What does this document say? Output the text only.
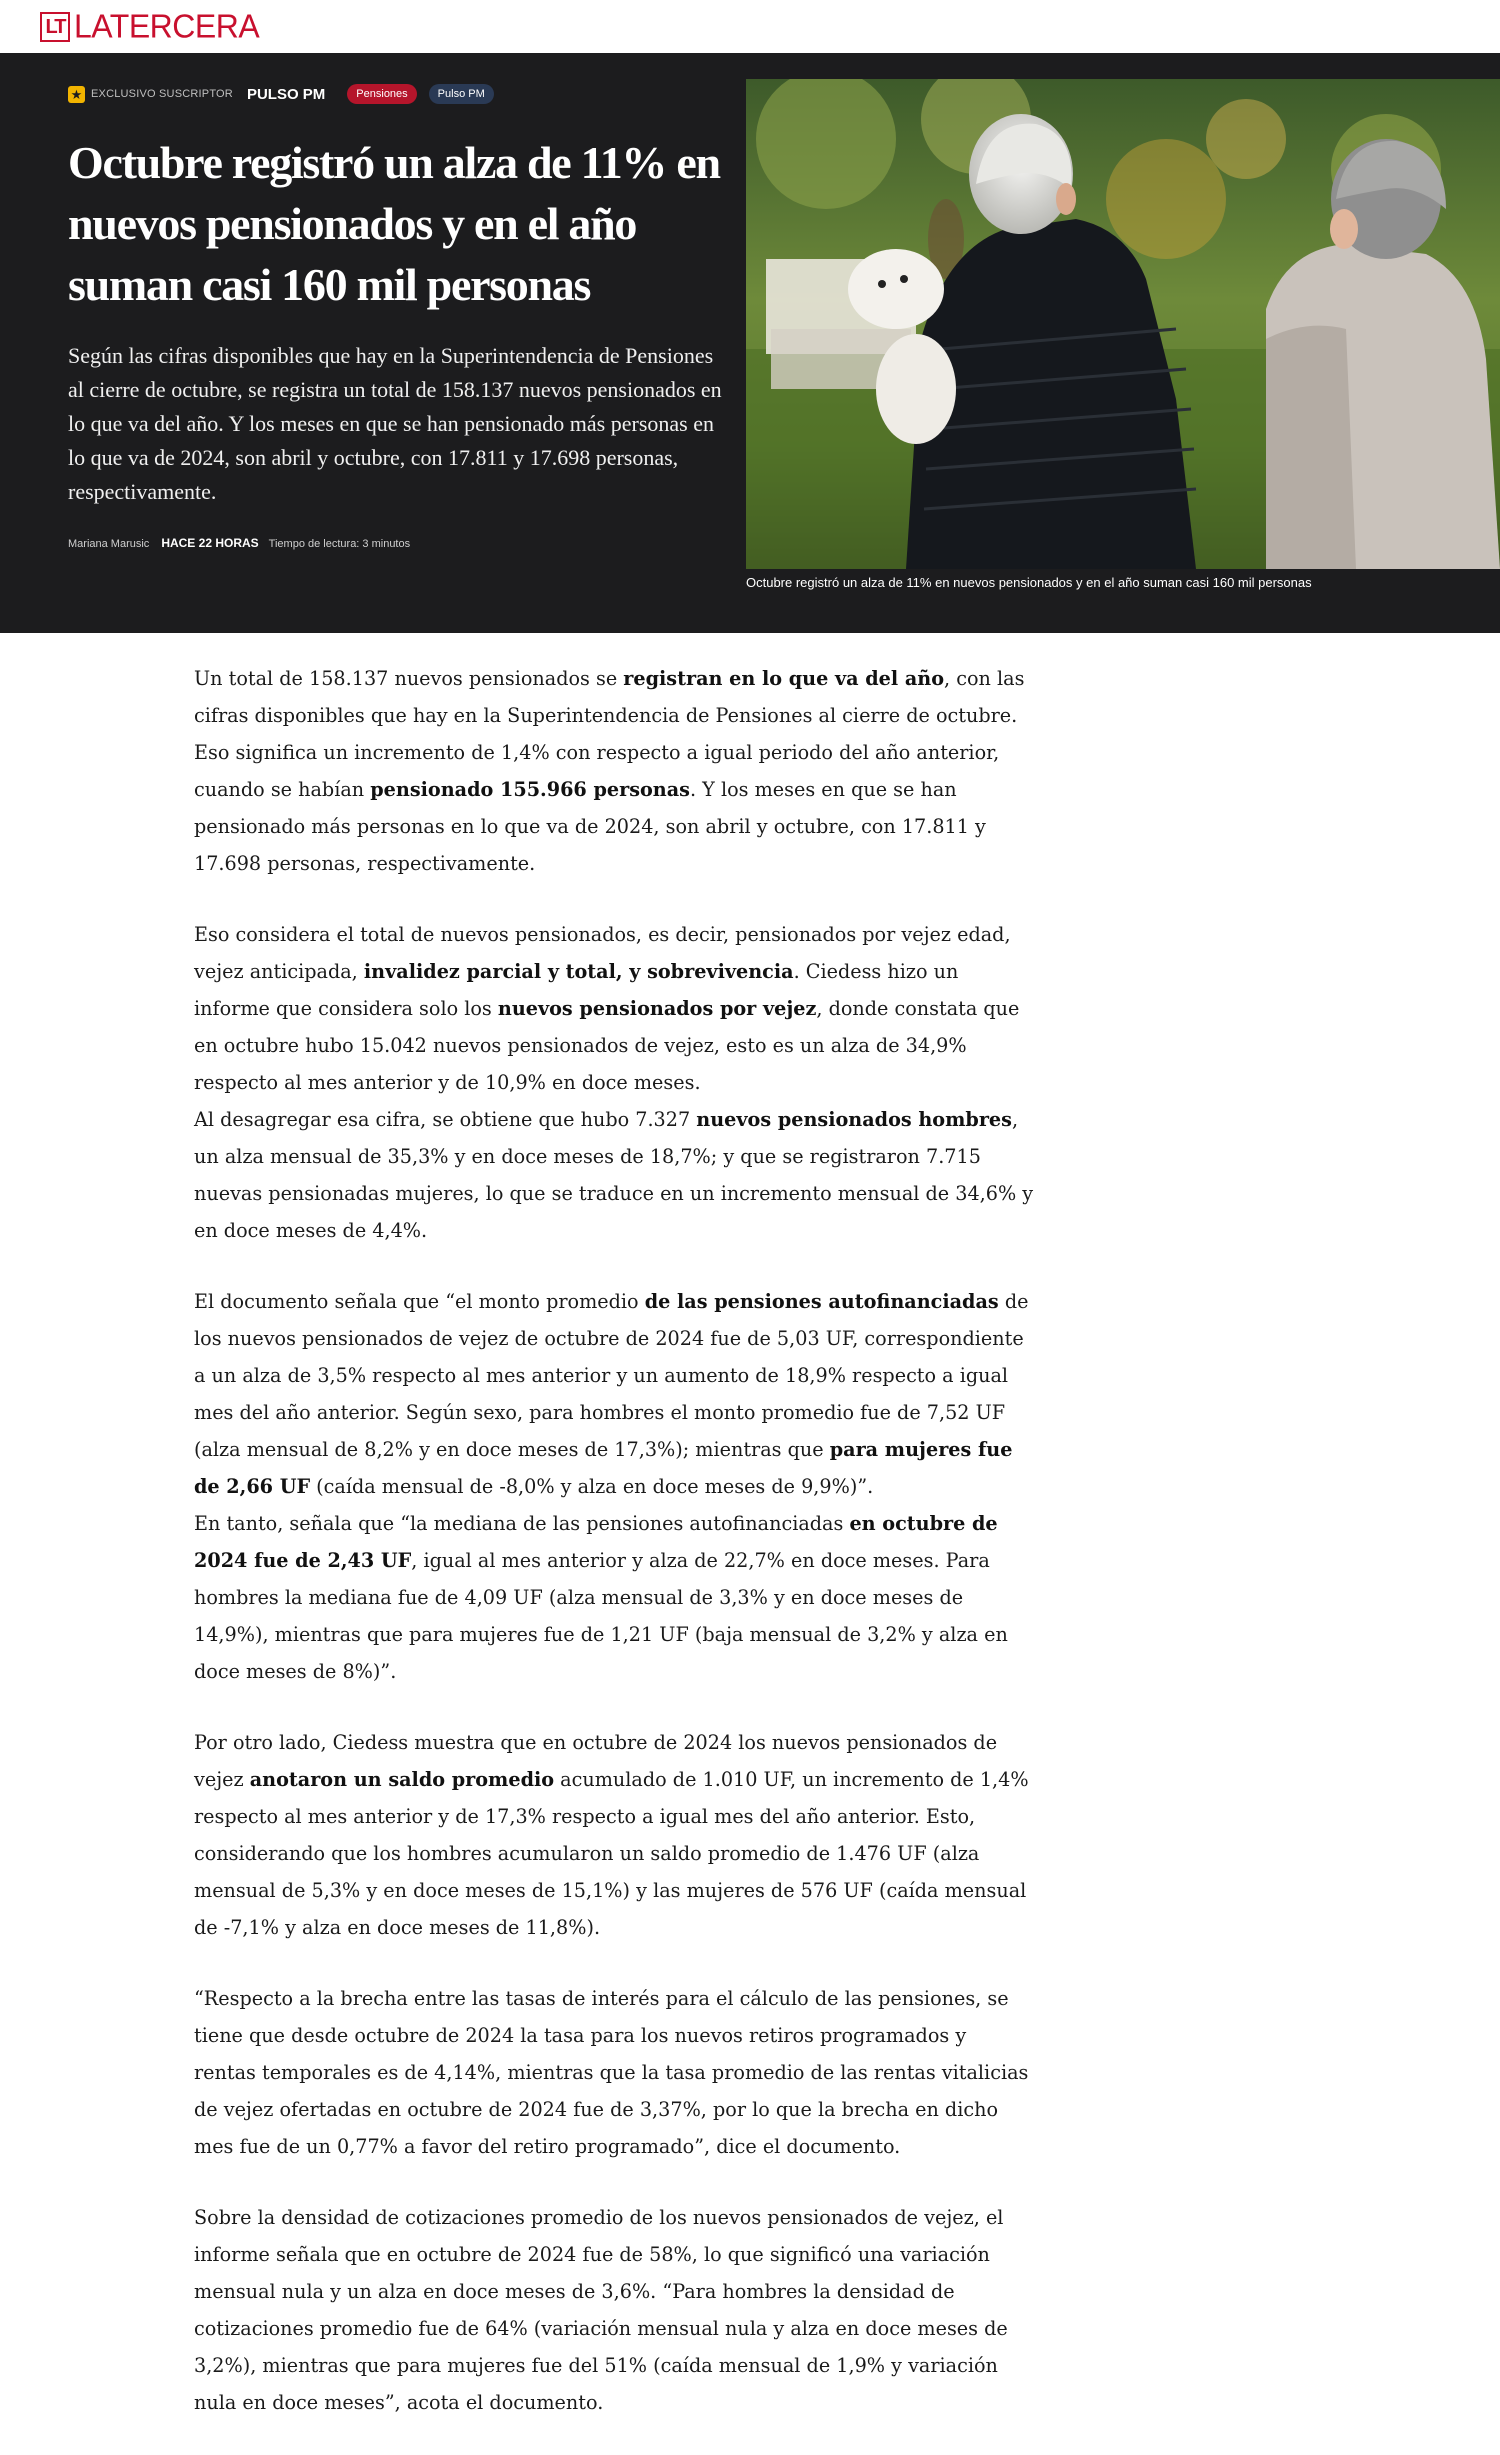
LT LATERCERA
★ EXCLUSIVO SUSCRIPTOR PULSO PM	Pensiones	Pulso PM
Octubre registró un alza de 11% en nuevos pensionados y en el año suman casi 160 mil personas

Según las cifras disponibles que hay en la Superintendencia de Pensiones al cierre de octubre, se registra un total de 158.137 nuevos pensionados en lo que va del año. Y los meses en que se han pensionado más personas en lo que va de 2024, son abril y octubre, con 17.811 y 17.698 personas, respectivamente.

Mariana Marusic HACE 22 HORAS Tiempo de lectura: 3 minutos
Octubre registró un alza de 11% en nuevos pensionados y en el año suman casi 160 mil personas

Un total de 158.137 nuevos pensionados se registran en lo que va del año, con las cifras disponibles que hay en la Superintendencia de Pensiones al cierre de octubre. Eso significa un incremento de 1,4% con respecto a igual periodo del año anterior, cuando se habían pensionado 155.966 personas. Y los meses en que se han pensionado más personas en lo que va de 2024, son abril y octubre, con 17.811 y 17.698 personas, respectivamente.

Eso considera el total de nuevos pensionados, es decir, pensionados por vejez edad, vejez anticipada, invalidez parcial y total, y sobrevivencia. Ciedess hizo un informe que considera solo los nuevos pensionados por vejez, donde constata que en octubre hubo 15.042 nuevos pensionados de vejez, esto es un alza de 34,9% respecto al mes anterior y de 10,9% en doce meses.

Al desagregar esa cifra, se obtiene que hubo 7.327 nuevos pensionados hombres, un alza mensual de 35,3% y en doce meses de 18,7%; y que se registraron 7.715 nuevas pensionadas mujeres, lo que se traduce en un incremento mensual de 34,6% y en doce meses de 4,4%.

El documento señala que “el monto promedio de las pensiones autofinanciadas de los nuevos pensionados de vejez de octubre de 2024 fue de 5,03 UF, correspondiente a un alza de 3,5% respecto al mes anterior y un aumento de 18,9% respecto a igual mes del año anterior. Según sexo, para hombres el monto promedio fue de 7,52 UF (alza mensual de 8,2% y en doce meses de 17,3%); mientras que para mujeres fue de 2,66 UF (caída mensual de -8,0% y alza en doce meses de 9,9%)”.

En tanto, señala que “la mediana de las pensiones autofinanciadas en octubre de 2024 fue de 2,43 UF, igual al mes anterior y alza de 22,7% en doce meses. Para hombres la mediana fue de 4,09 UF (alza mensual de 3,3% y en doce meses de 14,9%), mientras que para mujeres fue de 1,21 UF (baja mensual de 3,2% y alza en doce meses de 8%)”.

Por otro lado, Ciedess muestra que en octubre de 2024 los nuevos pensionados de vejez anotaron un saldo promedio acumulado de 1.010 UF, un incremento de 1,4% respecto al mes anterior y de 17,3% respecto a igual mes del año anterior. Esto, considerando que los hombres acumularon un saldo promedio de 1.476 UF (alza mensual de 5,3% y en doce meses de 15,1%) y las mujeres de 576 UF (caída mensual de -7,1% y alza en doce meses de 11,8%).

“Respecto a la brecha entre las tasas de interés para el cálculo de las pensiones, se tiene que desde octubre de 2024 la tasa para los nuevos retiros programados y rentas temporales es de 4,14%, mientras que la tasa promedio de las rentas vitalicias de vejez ofertadas en octubre de 2024 fue de 3,37%, por lo que la brecha en dicho mes fue de un 0,77% a favor del retiro programado”, dice el documento.

Sobre la densidad de cotizaciones promedio de los nuevos pensionados de vejez, el informe señala que en octubre de 2024 fue de 58%, lo que significó una variación mensual nula y un alza en doce meses de 3,6%. “Para hombres la densidad de cotizaciones promedio fue de 64% (variación mensual nula y alza en doce meses de 3,2%), mientras que para mujeres fue del 51% (caída mensual de 1,9% y variación nula en doce meses”, acota el documento.
